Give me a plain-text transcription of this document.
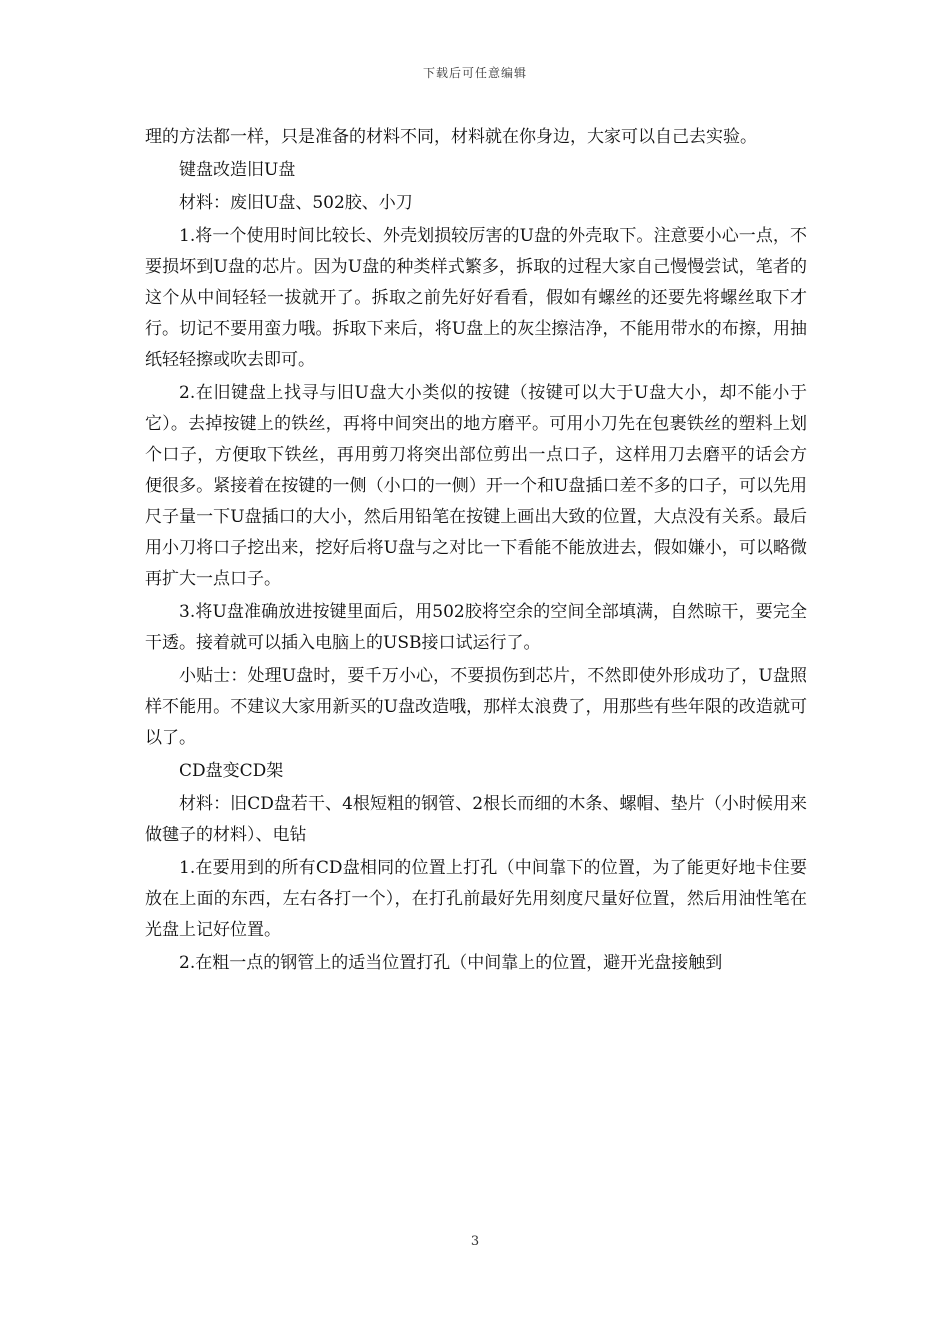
下载后可任意编辑

理的方法都一样，只是准备的材料不同，材料就在你身边，大家可以自己去实验。

键盘改造旧U盘

材料：废旧U盘、502胶、小刀

1.将一个使用时间比较长、外壳划损较厉害的U盘的外壳取下。注意要小心一点，不要损坏到U盘的芯片。因为U盘的种类样式繁多，拆取的过程大家自己慢慢尝试，笔者的这个从中间轻轻一拔就开了。拆取之前先好好看看，假如有螺丝的还要先将螺丝取下才行。切记不要用蛮力哦。拆取下来后，将U盘上的灰尘擦洁净，不能用带水的布擦，用抽纸轻轻擦或吹去即可。

2.在旧键盘上找寻与旧U盘大小类似的按键（按键可以大于U盘大小，却不能小于它）。去掉按键上的铁丝，再将中间突出的地方磨平。可用小刀先在包裹铁丝的塑料上划个口子，方便取下铁丝，再用剪刀将突出部位剪出一点口子，这样用刀去磨平的话会方便很多。紧接着在按键的一侧（小口的一侧）开一个和U盘插口差不多的口子，可以先用尺子量一下U盘插口的大小，然后用铅笔在按键上画出大致的位置，大点没有关系。最后用小刀将口子挖出来，挖好后将U盘与之对比一下看能不能放进去，假如嫌小，可以略微再扩大一点口子。

3.将U盘准确放进按键里面后，用502胶将空余的空间全部填满，自然晾干，要完全干透。接着就可以插入电脑上的USB接口试运行了。

小贴士：处理U盘时，要千万小心，不要损伤到芯片，不然即使外形成功了，U盘照样不能用。不建议大家用新买的U盘改造哦，那样太浪费了，用那些有些年限的改造就可以了。

CD盘变CD架

材料：旧CD盘若干、4根短粗的钢管、2根长而细的木条、螺帽、垫片（小时候用来做毽子的材料）、电钻

1.在要用到的所有CD盘相同的位置上打孔（中间靠下的位置，为了能更好地卡住要放在上面的东西，左右各打一个），在打孔前最好先用刻度尺量好位置，然后用油性笔在光盘上记好位置。

2.在粗一点的钢管上的适当位置打孔（中间靠上的位置，避开光盘接触到

3
